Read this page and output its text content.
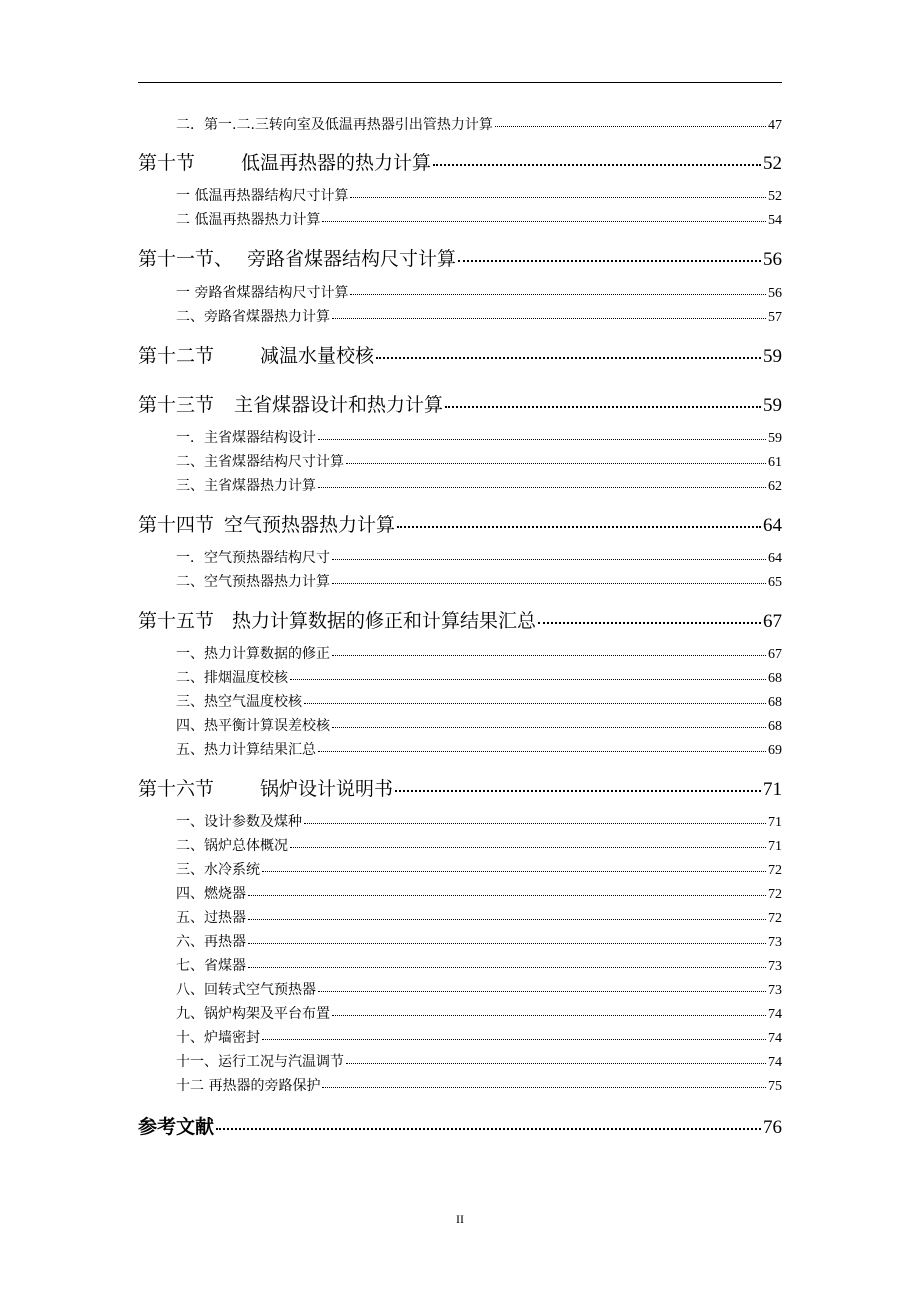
二．第一.二.三转向室及低温再热器引出管热力计算	47
第十节 低温再热器的热力计算	52
一 低温再热器结构尺寸计算	52
二 低温再热器热力计算	54
第十一节、 旁路省煤器结构尺寸计算	56
一 旁路省煤器结构尺寸计算	56
二、旁路省煤器热力计算	57
第十二节 减温水量校核	59
第十三节 主省煤器设计和热力计算	59
一．主省煤器结构设计	59
二、主省煤器结构尺寸计算	61
三、主省煤器热力计算	62
第十四节 空气预热器热力计算	64
一．空气预热器结构尺寸	64
二、空气预热器热力计算	65
第十五节 热力计算数据的修正和计算结果汇总	67
一、热力计算数据的修正	67
二、排烟温度校核	68
三、热空气温度校核	68
四、热平衡计算误差校核	68
五、热力计算结果汇总	69
第十六节 锅炉设计说明书	71
一、设计参数及煤种	71
二、锅炉总体概况	71
三、水冷系统	72
四、燃烧器	72
五、过热器	72
六、再热器	73
七、省煤器	73
八、回转式空气预热器	73
九、锅炉构架及平台布置	74
十、炉墙密封	74
十一、运行工况与汽温调节	74
十二 再热器的旁路保护	75
参考文献	76
II
